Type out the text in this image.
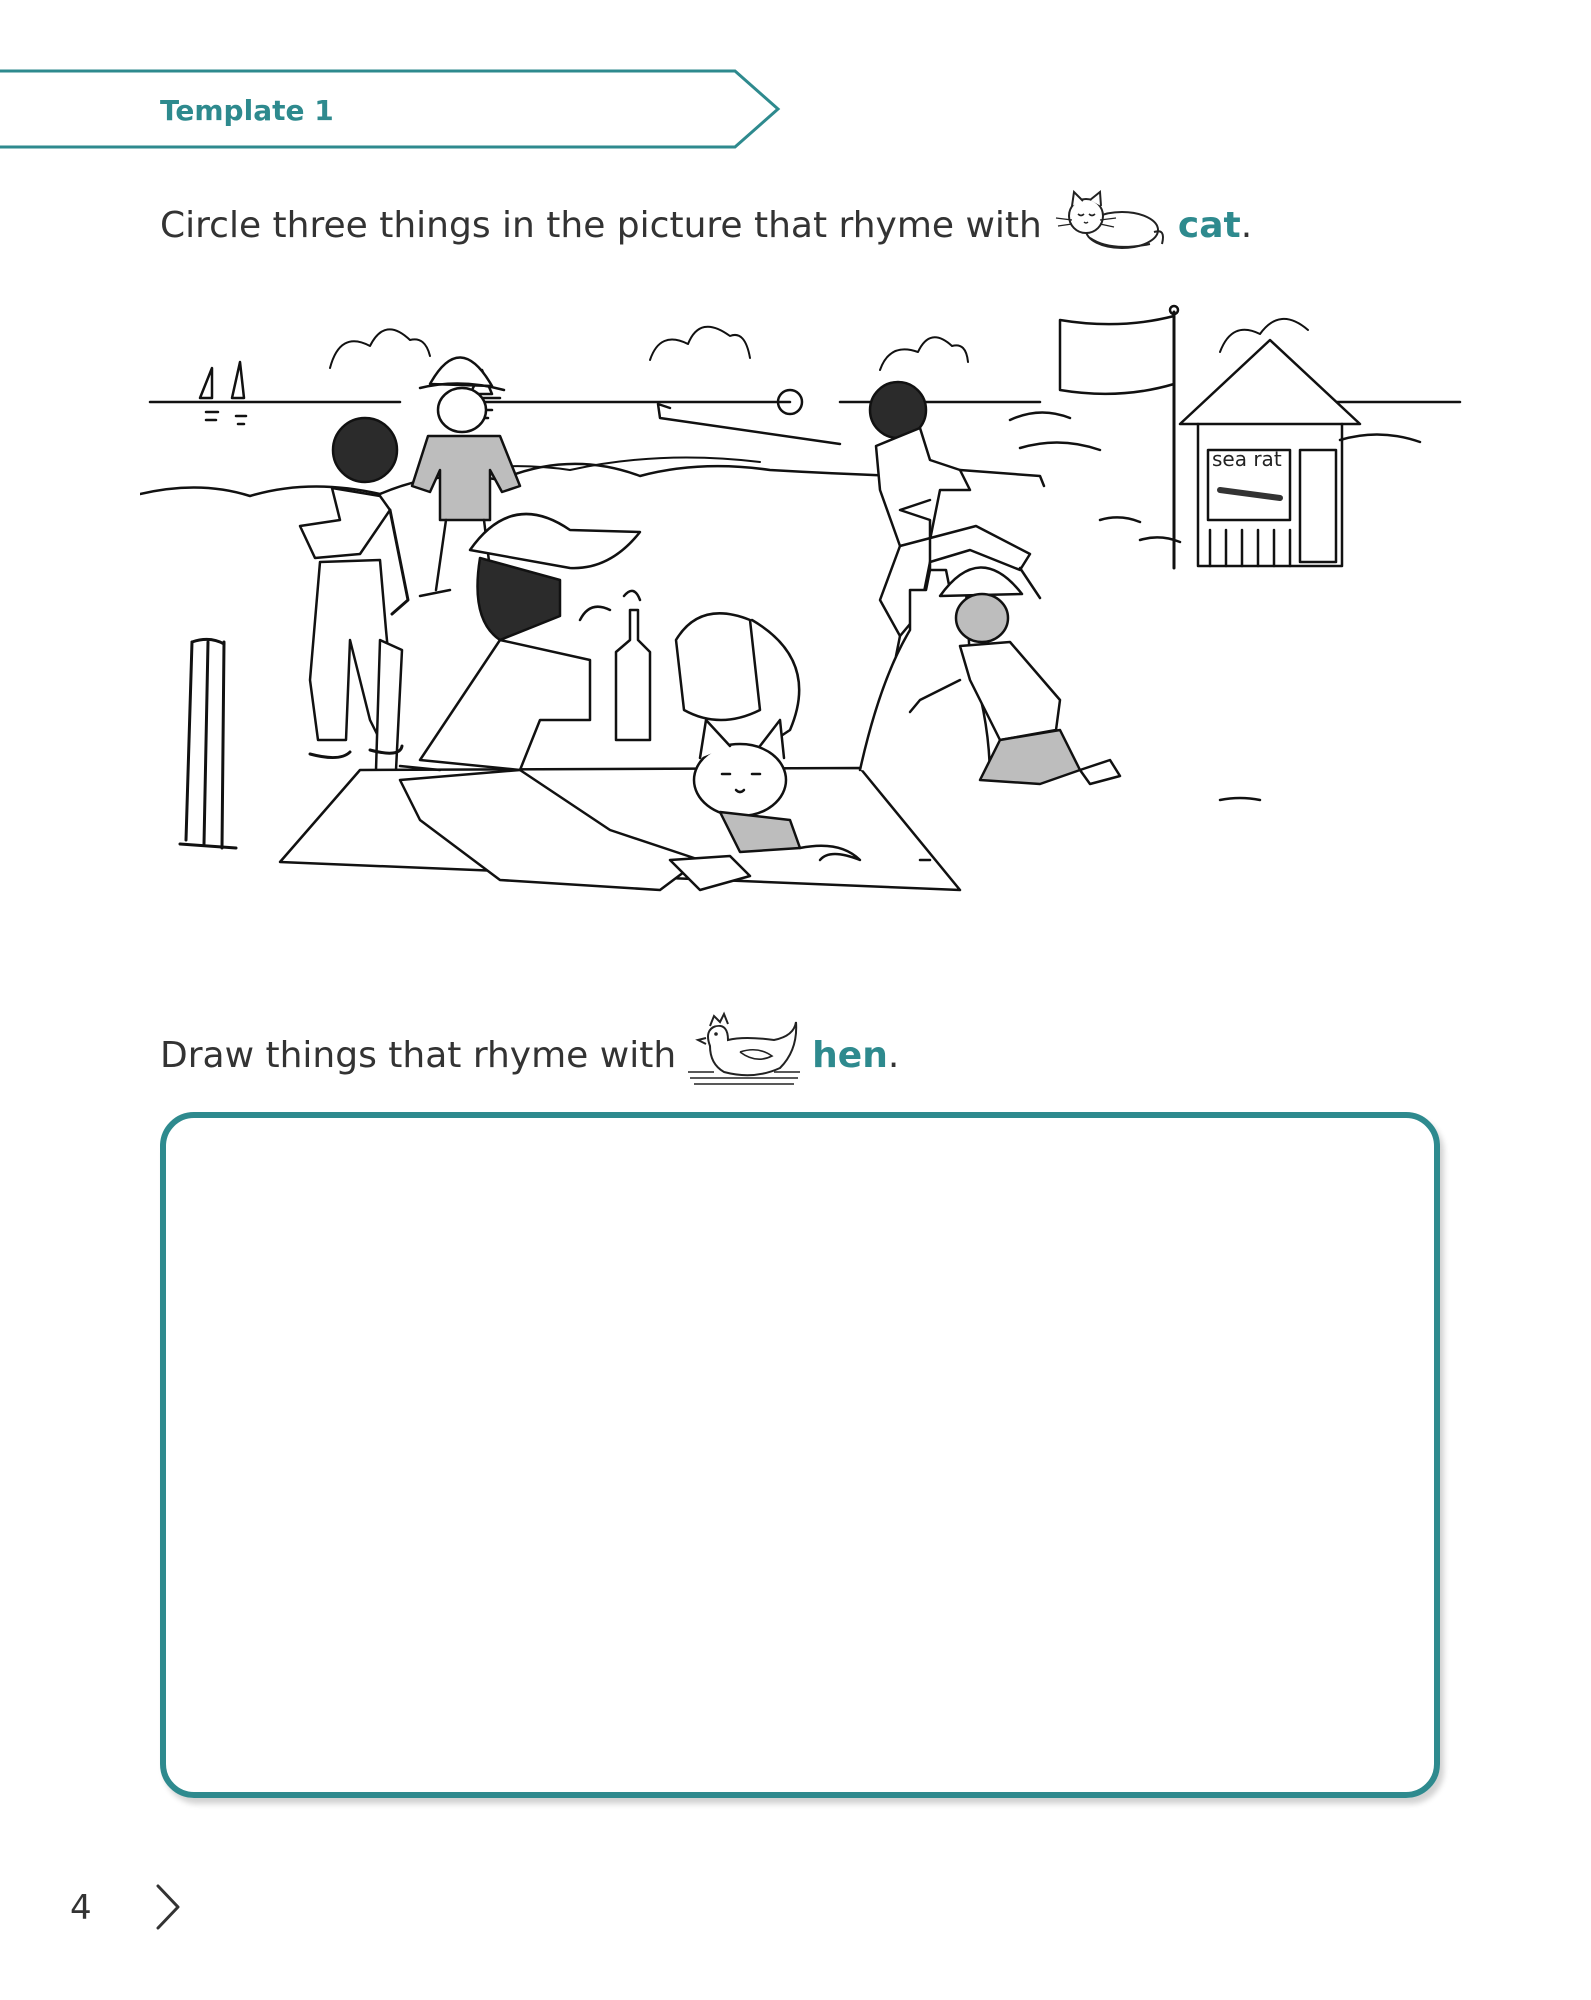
Template 1
Circle three things in the picture that rhyme with	cat .
sea rat
Draw things that rhyme with	hen .
4
